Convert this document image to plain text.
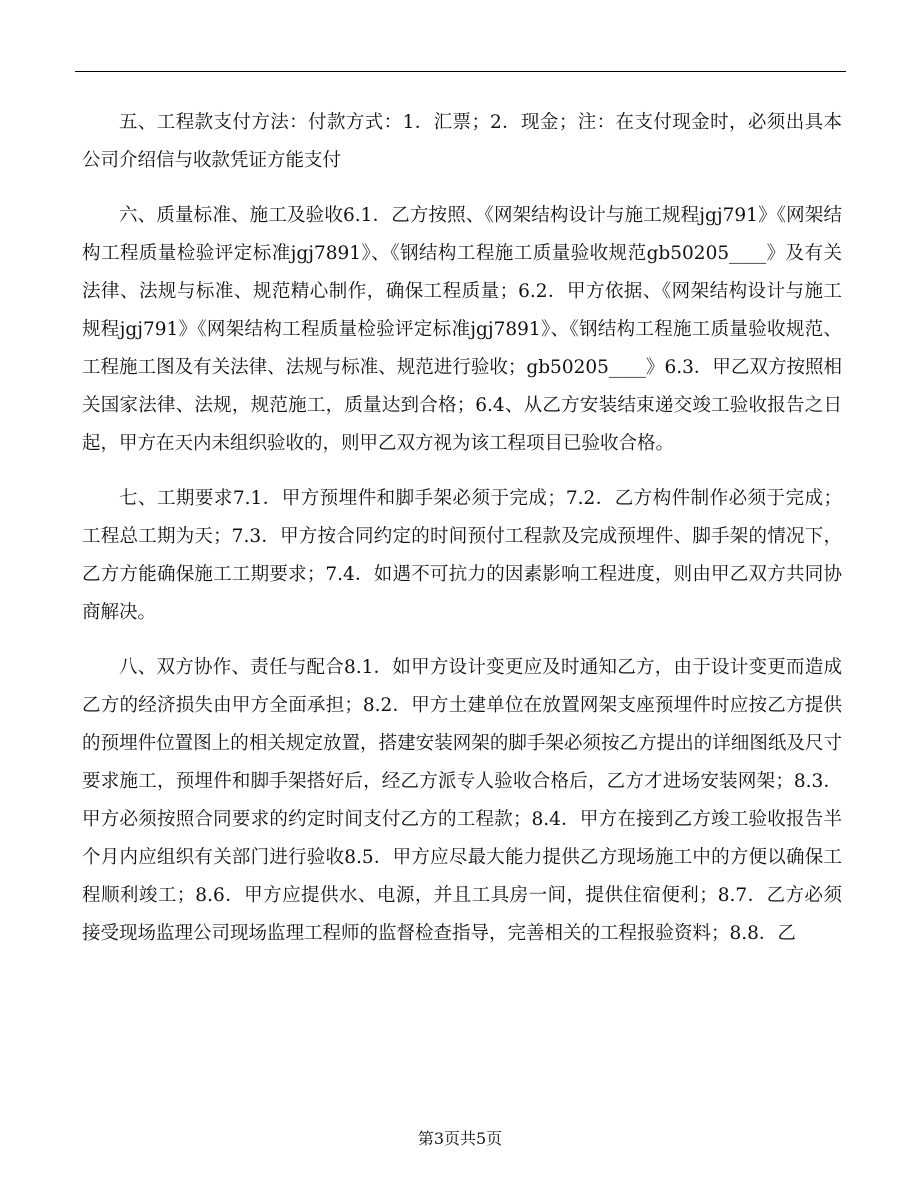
五、工程款支付方法：付款方式：1．汇票；2．现金；注：在支付现金时，必须出具本公司介绍信与收款凭证方能支付
六、质量标准、施工及验收6.1．乙方按照、《网架结构设计与施工规程jgj791》《网架结构工程质量检验评定标准jgj7891》、《钢结构工程施工质量验收规范gb50205____》及有关法律、法规与标准、规范精心制作，确保工程质量；6.2．甲方依据、《网架结构设计与施工规程jgj791》《网架结构工程质量检验评定标准jgj7891》、《钢结构工程施工质量验收规范、工程施工图及有关法律、法规与标准、规范进行验收；gb50205____》6.3．甲乙双方按照相关国家法律、法规，规范施工，质量达到合格；6.4、从乙方安装结束递交竣工验收报告之日起，甲方在天内未组织验收的，则甲乙双方视为该工程项目已验收合格。
七、工期要求7.1．甲方预埋件和脚手架必须于完成；7.2．乙方构件制作必须于完成；工程总工期为天；7.3．甲方按合同约定的时间预付工程款及完成预埋件、脚手架的情况下，乙方方能确保施工工期要求；7.4．如遇不可抗力的因素影响工程进度，则由甲乙双方共同协商解决。
八、双方协作、责任与配合8.1．如甲方设计变更应及时通知乙方，由于设计变更而造成乙方的经济损失由甲方全面承担；8.2．甲方土建单位在放置网架支座预埋件时应按乙方提供的预埋件位置图上的相关规定放置，搭建安装网架的脚手架必须按乙方提出的详细图纸及尺寸要求施工，预埋件和脚手架搭好后，经乙方派专人验收合格后，乙方才进场安装网架；8.3．甲方必须按照合同要求的约定时间支付乙方的工程款；8.4．甲方在接到乙方竣工验收报告半个月内应组织有关部门进行验收8.5．甲方应尽最大能力提供乙方现场施工中的方便以确保工程顺利竣工；8.6．甲方应提供水、电源，并且工具房一间，提供住宿便利；8.7．乙方必须接受现场监理公司现场监理工程师的监督检查指导，完善相关的工程报验资料；8.8．乙
第3页共5页
